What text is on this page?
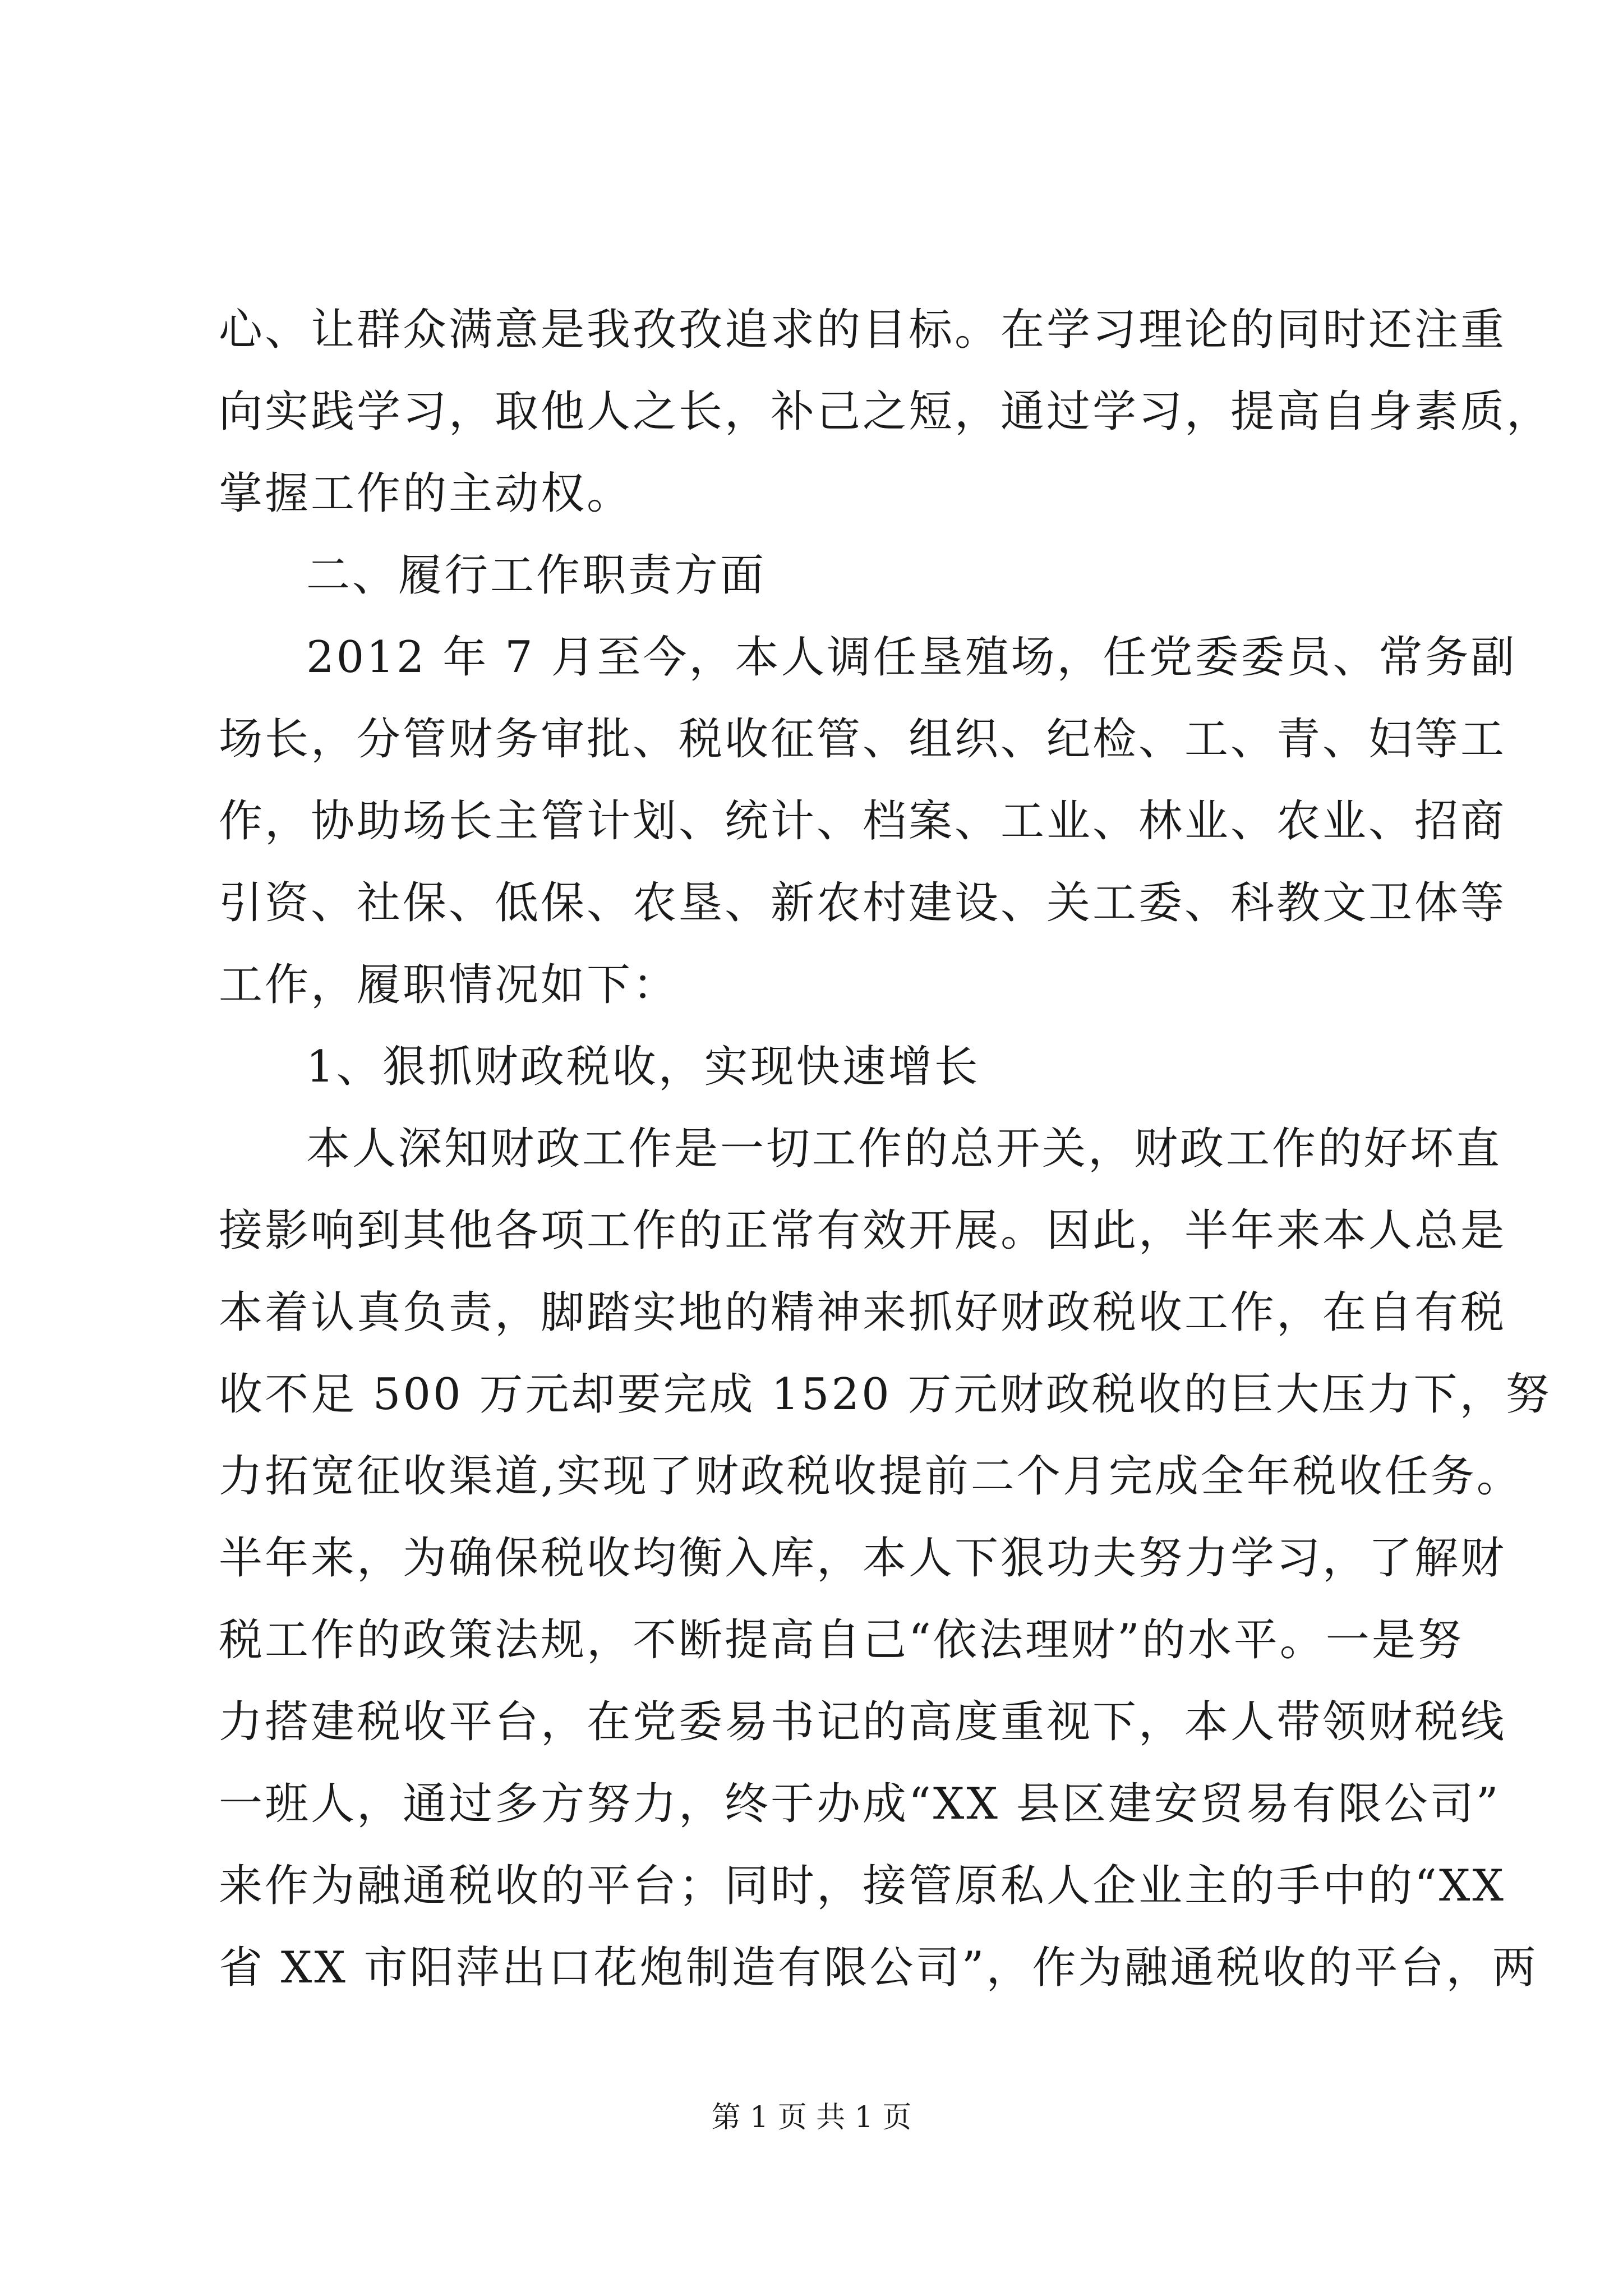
心、让群众满意是我孜孜追求的目标。在学习理论的同时还注重
向实践学习，取他人之长，补己之短，通过学习，提高自身素质，
掌握工作的主动权。
二、履行工作职责方面
2012 年 7 月至今，本人调任垦殖场，任党委委员、常务副
场长，分管财务审批、税收征管、组织、纪检、工、青、妇等工
作，协助场长主管计划、统计、档案、工业、林业、农业、招商
引资、社保、低保、农垦、新农村建设、关工委、科教文卫体等
工作，履职情况如下：
1、狠抓财政税收，实现快速增长
本人深知财政工作是一切工作的总开关，财政工作的好坏直
接影响到其他各项工作的正常有效开展。因此，半年来本人总是
本着认真负责，脚踏实地的精神来抓好财政税收工作，在自有税
收不足 500 万元却要完成 1520 万元财政税收的巨大压力下，努
力拓宽征收渠道,实现了财政税收提前二个月完成全年税收任务。
半年来，为确保税收均衡入库，本人下狠功夫努力学习，了解财
税工作的政策法规，不断提高自己“依法理财”的水平。一是努
力搭建税收平台，在党委易书记的高度重视下，本人带领财税线
一班人，通过多方努力，终于办成“XX 县区建安贸易有限公司”
来作为融通税收的平台；同时，接管原私人企业主的手中的“XX
省 XX 市阳萍出口花炮制造有限公司”，作为融通税收的平台，两
第 1 页 共 1 页
